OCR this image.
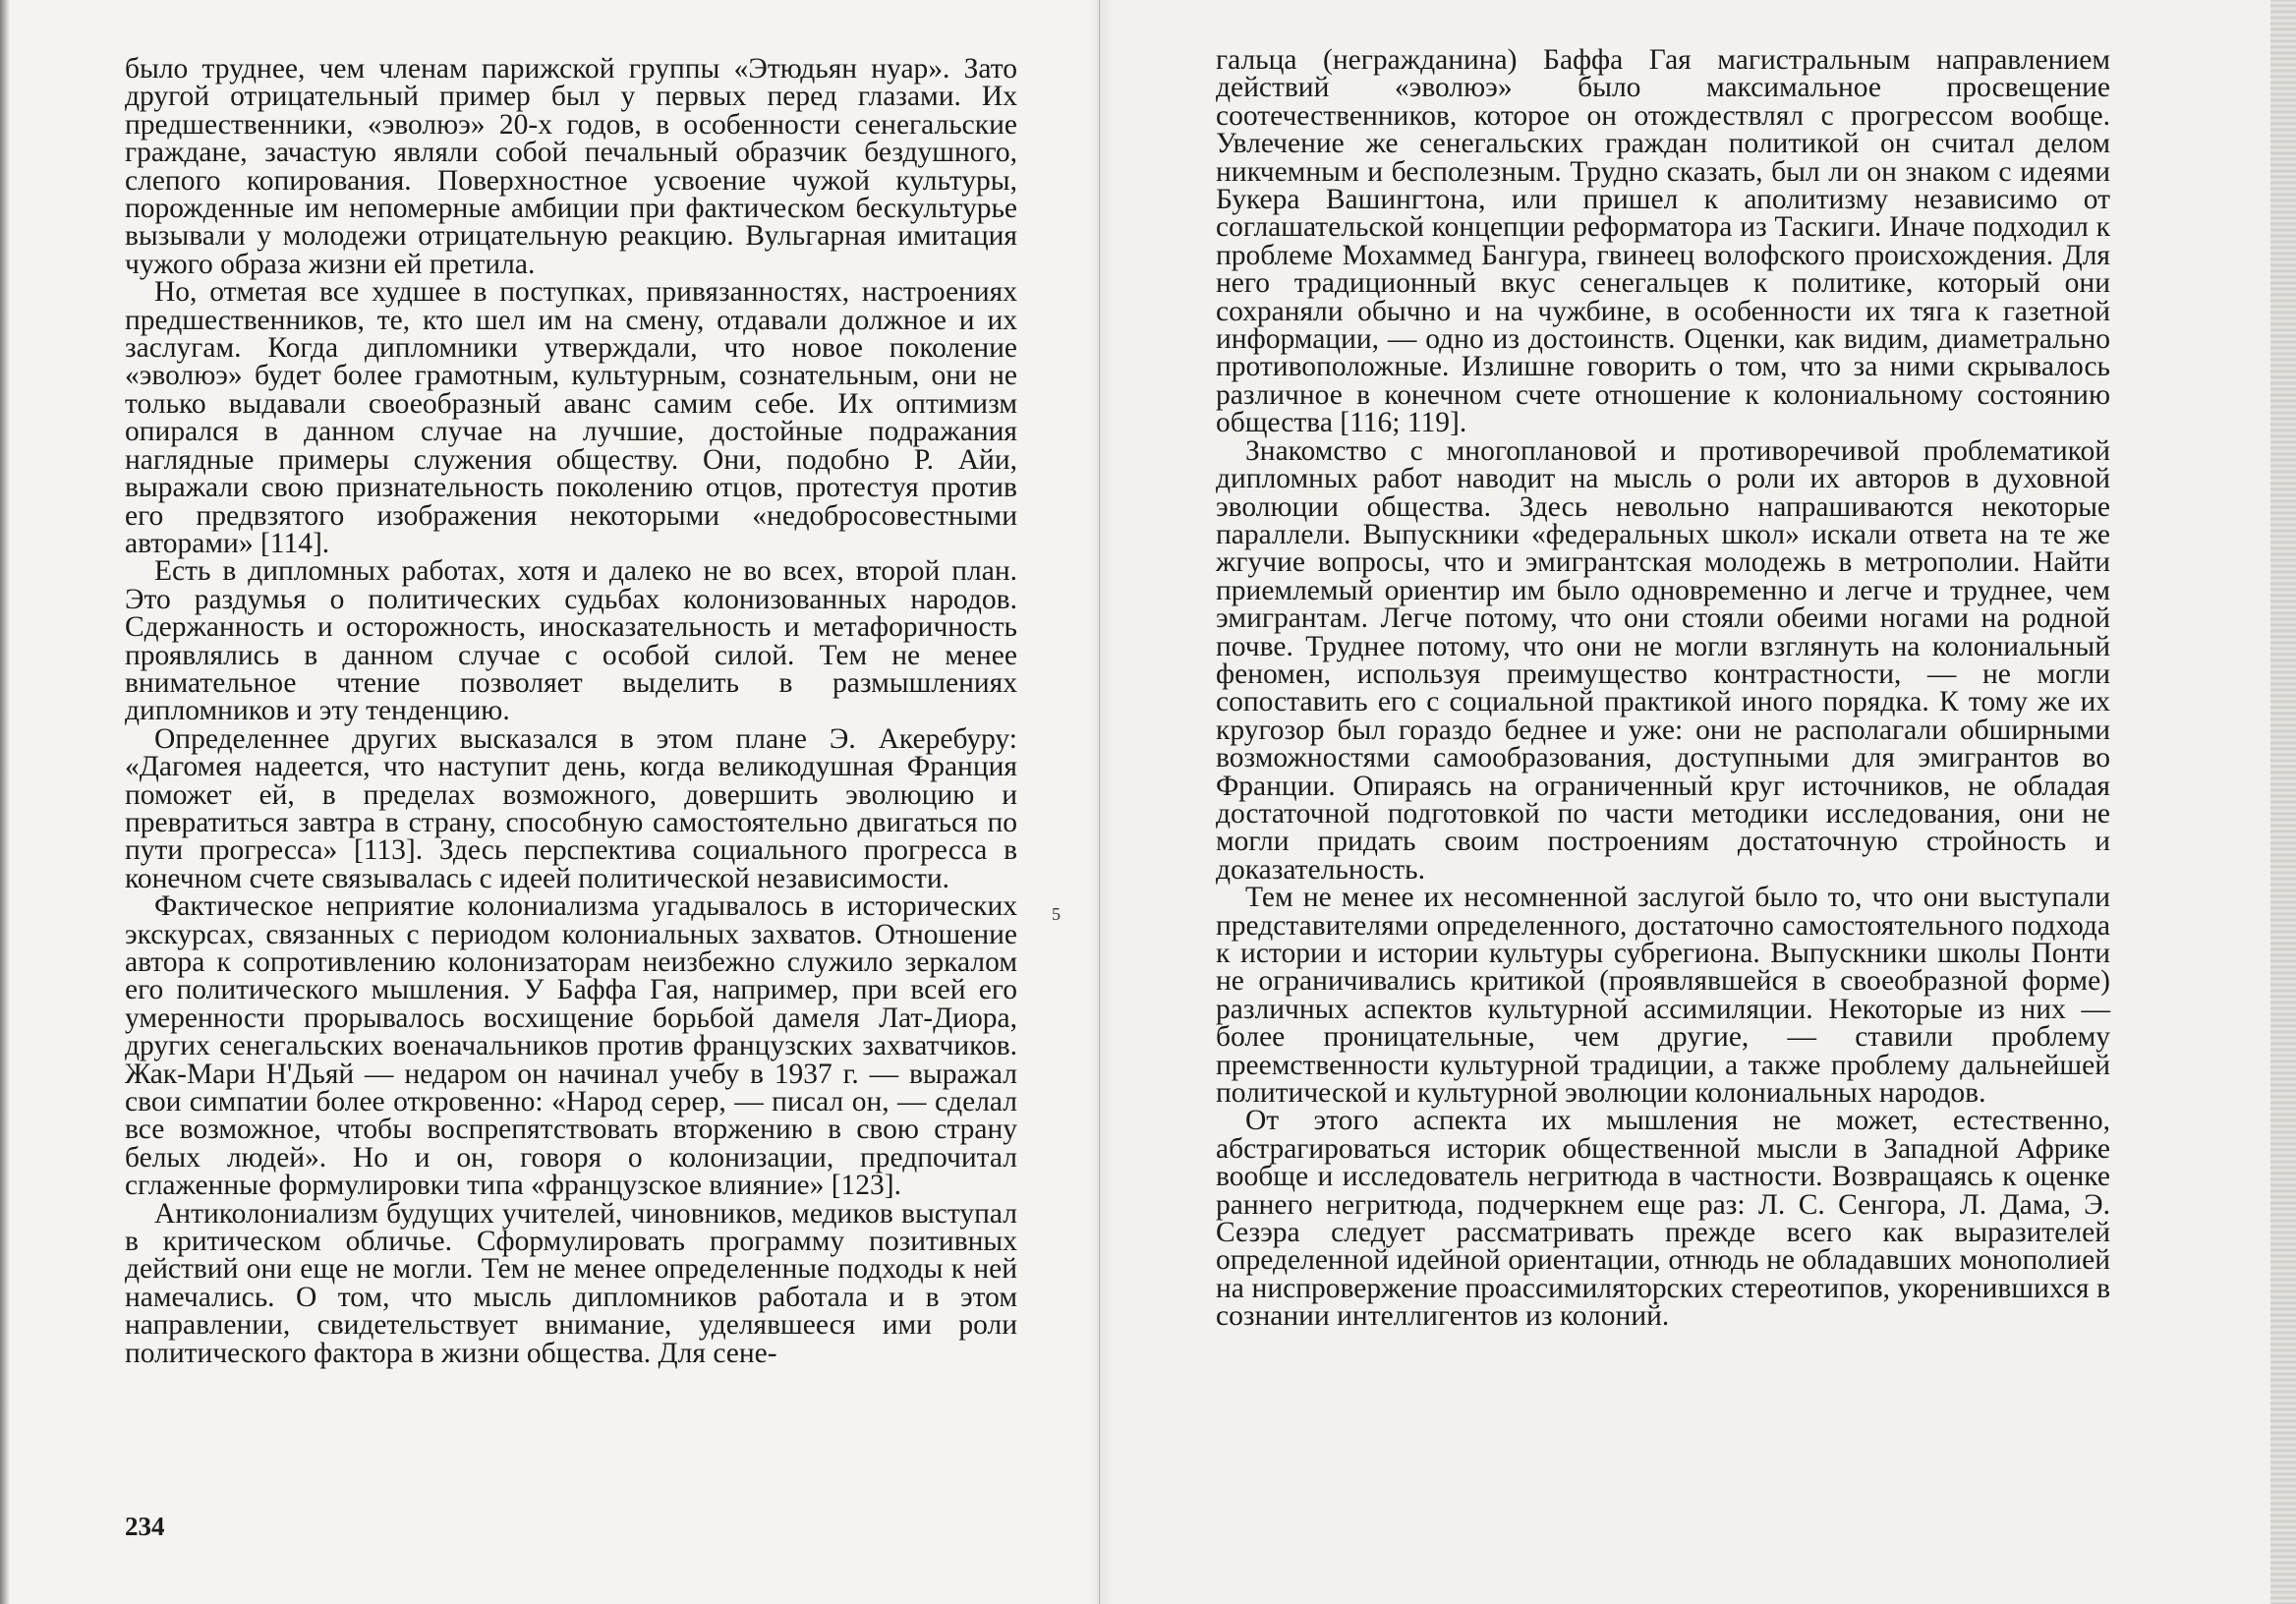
было труднее, чем членам парижской группы «Этюдьян нуар». Зато другой отрицательный пример был у первых перед глазами. Их предшественники, «эволюэ» 20-х годов, в особенности сенегальские граждане, зачастую являли собой печальный образчик бездушного, слепого копирования. Поверхностное усвоение чужой культуры, порожденные им непомерные амбиции при фактическом бескультурье вызывали у молодежи отрицательную реакцию. Вульгарная имитация чужого образа жизни ей претила.

Но, отметая все худшее в поступках, привязанностях, настроениях предшественников, те, кто шел им на смену, отдавали должное и их заслугам. Когда дипломники утверждали, что новое поколение «эволюэ» будет более грамотным, культурным, сознательным, они не только выдавали своеобразный аванс самим себе. Их оптимизм опирался в данном случае на лучшие, достойные подражания наглядные примеры служения обществу. Они, подобно Р. Айи, выражали свою признательность поколению отцов, протестуя против его предвзятого изображения некоторыми «недобросовестными авторами» [114].

Есть в дипломных работах, хотя и далеко не во всех, второй план. Это раздумья о политических судьбах колонизованных народов. Сдержанность и осторожность, иносказательность и метафоричность проявлялись в данном случае с особой силой. Тем не менее внимательное чтение позволяет выделить в размышлениях дипломников и эту тенденцию.

Определеннее других высказался в этом плане Э. Акеребуру: «Дагомея надеется, что наступит день, когда великодушная Франция поможет ей, в пределах возможного, довершить эволюцию и превратиться завтра в страну, способную самостоятельно двигаться по пути прогресса» [113]. Здесь перспектива социального прогресса в конечном счете связывалась с идеей политической независимости.

Фактическое неприятие колониализма угадывалось в исторических экскурсах, связанных с периодом колониальных захватов. Отношение автора к сопротивлению колонизаторам неизбежно служило зеркалом его политического мышления. У Баффа Гая, например, при всей его умеренности прорывалось восхищение борьбой дамеля Лат-Диора, других сенегальских военачальников против французских захватчиков. Жак-Мари Н'Дьяй — недаром он начинал учебу в 1937 г. — выражал свои симпатии более откровенно: «Народ серер, — писал он, — сделал все возможное, чтобы воспрепятствовать вторжению в свою страну белых людей». Но и он, говоря о колонизации, предпочитал сглаженные формулировки типа «французское влияние» [123].

Антиколониализм будущих учителей, чиновников, медиков выступал в критическом обличье. Сформулировать программу позитивных действий они еще не могли. Тем не менее определенные подходы к ней намечались. О том, что мысль дипломников работала и в этом направлении, свидетельствует внимание, уделявшееся ими роли политического фактора в жизни общества. Для сене-

5
234

гальца (негражданина) Баффа Гая магистральным направлением действий «эволюэ» было максимальное просвещение соотечественников, которое он отождествлял с прогрессом вообще. Увлечение же сенегальских граждан политикой он считал делом никчемным и бесполезным. Трудно сказать, был ли он знаком с идеями Букера Вашингтона, или пришел к аполитизму независимо от соглашательской концепции реформатора из Таскиги. Иначе подходил к проблеме Мохаммед Бангура, гвинеец волофского происхождения. Для него традиционный вкус сенегальцев к политике, который они сохраняли обычно и на чужбине, в особенности их тяга к газетной информации, — одно из достоинств. Оценки, как видим, диаметрально противоположные. Излишне говорить о том, что за ними скрывалось различное в конечном счете отношение к колониальному состоянию общества [116; 119].

Знакомство с многоплановой и противоречивой проблематикой дипломных работ наводит на мысль о роли их авторов в духовной эволюции общества. Здесь невольно напрашиваются некоторые параллели. Выпускники «федеральных школ» искали ответа на те же жгучие вопросы, что и эмигрантская молодежь в метрополии. Найти приемлемый ориентир им было одновременно и легче и труднее, чем эмигрантам. Легче потому, что они стояли обеими ногами на родной почве. Труднее потому, что они не могли взглянуть на колониальный феномен, используя преимущество контрастности, — не могли сопоставить его с социальной практикой иного порядка. К тому же их кругозор был гораздо беднее и уже: они не располагали обширными возможностями самообразования, доступными для эмигрантов во Франции. Опираясь на ограниченный круг источников, не обладая достаточной подготовкой по части методики исследования, они не могли придать своим построениям достаточную стройность и доказательность.

Тем не менее их несомненной заслугой было то, что они выступали представителями определенного, достаточно самостоятельного подхода к истории и истории культуры субрегиона. Выпускники школы Понти не ограничивались критикой (проявлявшейся в своеобразной форме) различных аспектов культурной ассимиляции. Некоторые из них — более проницательные, чем другие, — ставили проблему преемственности культурной традиции, а также проблему дальнейшей политической и культурной эволюции колониальных народов.

От этого аспекта их мышления не может, естественно, абстрагироваться историк общественной мысли в Западной Африке вообще и исследователь негритюда в частности. Возвращаясь к оценке раннего негритюда, подчеркнем еще раз: Л. С. Сенгора, Л. Дама, Э. Сезэра следует рассматривать прежде всего как выразителей определенной идейной ориентации, отнюдь не обладавших монополией на ниспровержение проассимиляторских стереотипов, укоренившихся в сознании интеллигентов из колоний.
